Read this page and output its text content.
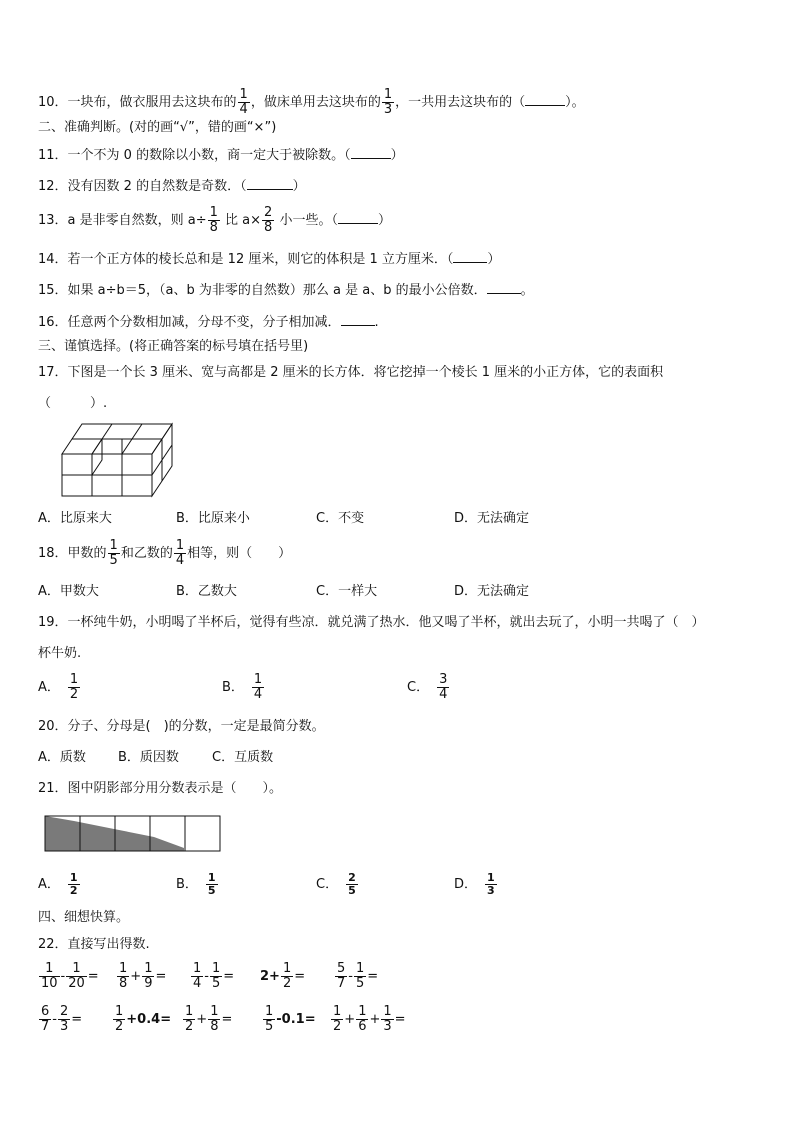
10．一块布，做衣服用去这块布的 $\frac{1}{4}$ ，做床单用去这块布的 $\frac{1}{3}$ ，一共用去这块布的（	）。
二、准确判断。(对的画“√”，错的画“×”)
11．一个不为 0 的数除以小数，商一定大于被除数。（	）
12．没有因数 2 的自然数是奇数．（	）
13．a 是非零自然数，则 $a\div \frac{1}{8}$ 比 $a\times \frac{2}{8}$ 小一些。（	）
14．若一个正方体的棱长总和是 12 厘米，则它的体积是 1 立方厘米．（	）
15．如果 a÷b＝5，（a、b 为非零的自然数）那么 a 是 a、b 的最小公倍数．	。
16．任意两个分数相加减，分母不变，分子相加减．	.
三、谨慎选择。(将正确答案的标号填在括号里)
17．下图是一个长 3 厘米、宽与高都是 2 厘米的长方体．将它挖掉一个棱长 1 厘米的小正方体，它的表面积
（　　　）.
A．比原来大	B．比原来小	C．不变	D．无法确定
18．甲数的 $\frac{1}{5}$ 和乙数的 $\frac{1}{4}$ 相等，则（　　）
A．甲数大	B．乙数大	C．一样大	D．无法确定
19．一杯纯牛奶，小明喝了半杯后，觉得有些凉．就兑满了热水．他又喝了半杯，就出去玩了，小明一共喝了（　）
杯牛奶.
A． $\frac{1}{2}$	B． $\frac{1}{4}$	C． $\frac{3}{4}$
20．分子、分母是(　)的分数，一定是最简分数。
A．质数 B．质因数	C．互质数
21．图中阴影部分用分数表示是（　　）。
A． $\frac{1}{2}$	B． $\frac{1}{5}$	C． $\frac{2}{5}$	D． $\frac{1}{3}$
四、细想快算。
22．直接写出得数.
$\frac{1}{10} - \frac{1}{20} = \frac{1}{8} + \frac{1}{9} = \frac{1}{4} - \frac{1}{5} = 2+ \frac{1}{2} = \frac{5}{7} - \frac{1}{5}$ =
$\frac{6}{7} - \frac{2}{3} = \frac{1}{2} +0.4= \frac{1}{2} + \frac{1}{8} = \frac{1}{5} -0.1= \frac{1}{2} + \frac{1}{6} + \frac{1}{3}$ =
